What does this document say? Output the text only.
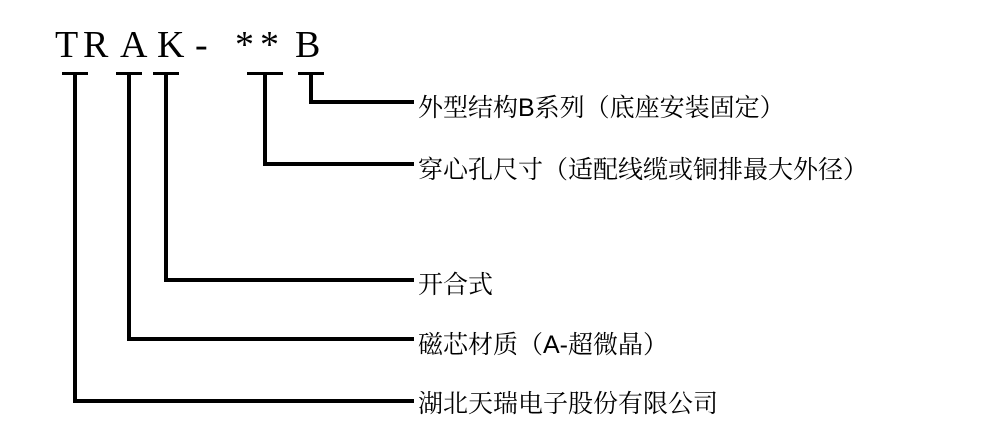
T R A K - * * B
外型结构B系列（底座安装固定）
穿心孔尺寸（适配线缆或铜排最大外径）
开合式
磁芯材质（A-超微晶）
湖北天瑞电子股份有限公司
